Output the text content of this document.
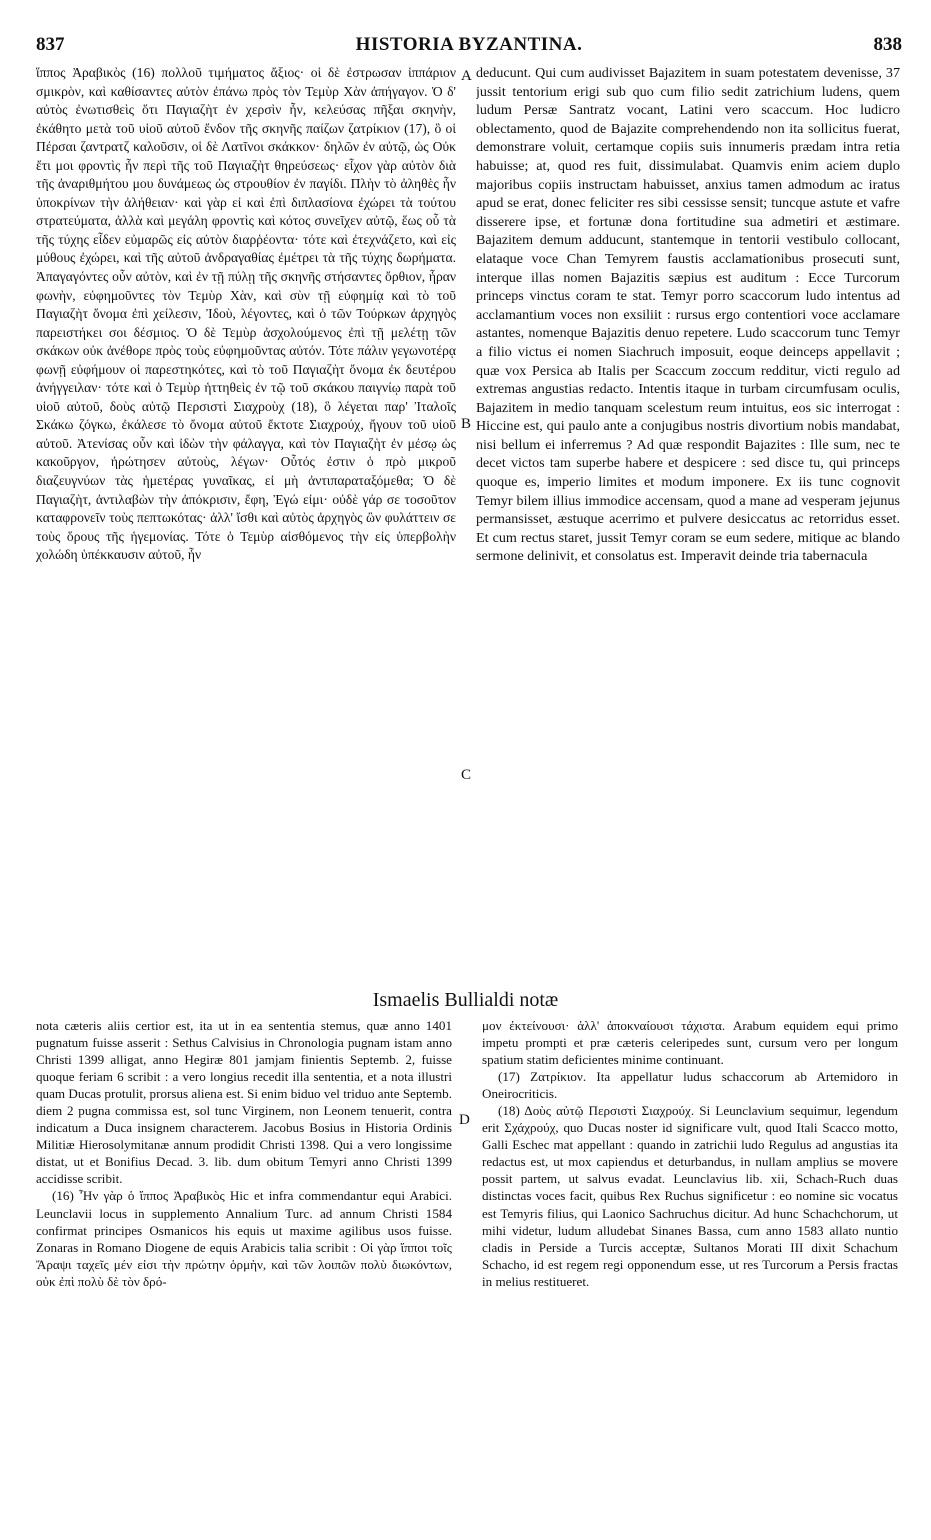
837	HISTORIA BYZANTINA.	838

ἵππος Ἀραβικὸς (16) πολλοῦ τιμήματος ἄξιος· οἱ δὲ ἐστρωσαν ἱππάριον σμικρὸν, καὶ καθίσαντες αὐτὸν ἐπάνω πρὸς τὸν Τεμὺρ Χὰν ἀπήγαγον. Ὁ δ' αὐτὸς ἐνωτισθεὶς ὅτι Παγιαζὴτ ἐν χερσὶν ἦν, κελεύσας πῆξαι σκηνὴν, ἐκάθητο μετὰ τοῦ υἱοῦ αὐτοῦ ἔνδον τῆς σκηνῆς παίζων ζατρίκιον (17), ὃ οἱ Πέρσαι ζαντρατζ καλοῦσιν, οἱ δὲ Λατῖνοι σκάκκον· δηλῶν ἐν αὐτῷ, ὡς Οὐκ ἔτι μοι φροντὶς ἦν περὶ τῆς τοῦ Παγιαζὴτ θηρεύσεως· εἶχον γὰρ αὐτὸν διὰ τῆς ἀναριθμήτου μου δυνάμεως ὡς στρουθίον ἐν παγίδι. Πλὴν τὸ ἀληθὲς ἦν ὑποκρίνων τὴν ἀλήθειαν· καὶ γὰρ εἰ καὶ ἐπὶ διπλασίονα ἐχώρει τὰ τούτου στρατεύματα, ἀλλὰ καὶ μεγάλη φροντὶς καὶ κότος συνεῖχεν αὐτῷ, ἕως οὗ τὰ τῆς τύχης εἶδεν εὐμαρῶς εἰς αὐτὸν διαρῥέοντα· τότε καὶ ἐτεχνάζετο, καὶ εἰς μύθους ἐχώρει, καὶ τῆς αὐτοῦ ἀνδραγαθίας ἐμέτρει τὰ τῆς τύχης δωρήματα. Ἀπαγαγόντες οὖν αὐτὸν, καὶ ἐν τῇ πύλῃ τῆς σκηνῆς στήσαντες ὄρθιον, ἦραν φωνὴν, εὐφημοῦντες τὸν Τεμὺρ Χὰν, καὶ σὺν τῇ εὐφημίᾳ καὶ τὸ τοῦ Παγιαζὴτ ὄνομα ἐπὶ χείλεσιν, Ἰδοὺ, λέγοντες, καὶ ὁ τῶν Τούρκων ἀρχηγὸς παρειστήκει σοι δέσμιος. Ὁ δὲ Τεμὺρ ἀσχολούμενος ἐπὶ τῇ μελέτῃ τῶν σκάκων οὐκ ἀνέθορε πρὸς τοὺς εὐφημοῦντας αὐτόν. Τότε πάλιν γεγωνοτέρᾳ φωνῇ εὐφήμουν οἱ παρεστηκότες, καὶ τὸ τοῦ Παγιαζὴτ ὄνομα ἐκ δευτέρου ἀνήγγειλαν· τότε καὶ ὁ Τεμὺρ ἡττηθεὶς ἐν τῷ τοῦ σκάκου παιγνίῳ παρὰ τοῦ υἱοῦ αὐτοῦ, δοὺς αὐτῷ Περσιστὶ Σιαχροὺχ (18), ὃ λέγεται παρ' Ἰταλοῖς Σκάκω ζόγκω, ἐκάλεσε τὸ ὄνομα αὐτοῦ ἔκτοτε Σιαχρούχ, ἤγουν τοῦ υἱοῦ αὐτοῦ. Ἀτενίσας οὖν καὶ ἰδὼν τὴν φάλαγγα, καὶ τὸν Παγιαζὴτ ἐν μέσῳ ὡς κακοῦργον, ἠρώτησεν αὐτοὺς, λέγων· Οὗτός ἐστιν ὁ πρὸ μικροῦ διαζευγνύων τὰς ἡμετέρας γυναῖκας, εἰ μὴ ἀντιπαραταξόμεθα; Ὁ δὲ Παγιαζὴτ, ἀντιλαβὼν τὴν ἀπόκρισιν, ἔφη, Ἐγώ εἰμι· οὐδὲ γάρ σε τοσοῦτον καταφρονεῖν τοὺς πεπτωκότας· ἀλλ' ἴσθι καὶ αὐτὸς ἀρχηγὸς ὢν φυλάττειν σε τοὺς ὅρους τῆς ἡγεμονίας. Τότε ὁ Τεμὺρ αἰσθόμενος τὴν εἰς ὑπερβολὴν χολώδη ὑπέκκαυσιν αὐτοῦ, ἦν

A
B
C

deducunt. Qui cum audivisset Bajazitem in suam potestatem devenisse, 37 jussit tentorium erigi sub quo cum filio sedit zatrichium ludens, quem ludum Persæ Santratz vocant, Latini vero scaccum. Hoc ludicro oblectamento, quod de Bajazite comprehendendo non ita sollicitus fuerat, demonstrare voluit, certamque copiis suis innumeris prædam intra retia habuisse; at, quod res fuit, dissimulabat. Quamvis enim aciem duplo majoribus copiis instructam habuisset, anxius tamen admodum ac iratus apud se erat, donec feliciter res sibi cessisse sensit; tuncque astute et vafre disserere ipse, et fortunæ dona fortitudine sua admetiri et æstimare. Bajazitem demum adducunt, stantemque in tentorii vestibulo collocant, elataque voce Chan Temyrem faustis acclamationibus prosecuti sunt, interque illas nomen Bajazitis sæpius est auditum : Ecce Turcorum princeps vinctus coram te stat. Temyr porro scaccorum ludo intentus ad acclamantium voces non exsiliit : rursus ergo contentiori voce acclamare astantes, nomenque Bajazitis denuo repetere. Ludo scaccorum tunc Temyr a filio victus ei nomen Siachruch imposuit, eoque deinceps appellavit ; quæ vox Persica ab Italis per Scaccum zoccum redditur, victi regulo ad extremas angustias redacto. Intentis itaque in turbam circumfusam oculis, Bajazitem in medio tanquam scelestum reum intuitus, eos sic interrogat : Hiccine est, qui paulo ante a conjugibus nostris divortium nobis mandabat, nisi bellum ei inferremus ? Ad quæ respondit Bajazites : Ille sum, nec te decet victos tam superbe habere et despicere : sed disce tu, qui princeps quoque es, imperio limites et modum imponere. Ex iis tunc cognovit Temyr bilem illius immodice accensam, quod a mane ad vesperam jejunus permansisset, æstuque acerrimo et pulvere desiccatus ac retorridus esset. Et cum rectus staret, jussit Temyr coram se eum sedere, mitique ac blando sermone delinivit, et consolatus est. Imperavit deinde tria tabernacula

Ismaelis Bullialdi notæ

nota cæteris aliis certior est, ita ut in ea sententia stemus, quæ anno 1401 pugnatum fuisse asserit : Sethus Calvisius in Chronologia pugnam istam anno Christi 1399 alligat, anno Hegiræ 801 jamjam finientis Septemb. 2, fuisse quoque feriam 6 scribit : a vero longius recedit illa sententia, et a nota illustri quam Ducas protulit, prorsus aliena est. Si enim biduo vel triduo ante Septemb. diem 2 pugna commissa est, sol tunc Virginem, non Leonem tenuerit, contra indicatum a Duca insignem characterem. Jacobus Bosius in Historia Ordinis Militiæ Hierosolymitanæ annum prodidit Christi 1398. Qui a vero longissime distat, ut et Bonifius Decad. 3. lib. dum obitum Temyri anno Christi 1399 accidisse scribit.

(16) Ἦν γὰρ ὁ ἵππος Ἀραβικὸς Hic et infra commendantur equi Arabici. Leunclavii locus in supplemento Annalium Turc. ad annum Christi 1584 confirmat principes Osmanicos his equis ut maxime agilibus usos fuisse. Zonaras in Romano Diogene de equis Arabicis talia scribit : Οἱ γὰρ ἵπποι τοῖς Ἄραψι ταχεῖς μέν εἰσι τὴν πρώτην ὁρμὴν, καὶ τῶν λοιπῶν πολὺ διωκόντων, οὐκ ἐπὶ πολὺ δὲ τὸν δρό-

D

μον ἐκτείνουσι· ἀλλ' ἀποκναίουσι τάχιστα. Arabum equidem equi primo impetu prompti et præ cæteris celeripedes sunt, cursum vero per longum spatium statim deficientes minime continuant.

(17) Ζατρίκιον. Ita appellatur ludus schaccorum ab Artemidoro in Oneirocriticis.

(18) Δοὺς αὐτῷ Περσιστὶ Σιαχρούχ. Si Leunclavium sequimur, legendum erit Σχάχρούχ, quo Ducas noster id significare vult, quod Itali Scacco motto, Galli Eschec mat appellant : quando in zatrichii ludo Regulus ad angustias ita redactus est, ut mox capiendus et deturbandus, in nullam amplius se movere possit partem, ut salvus evadat. Leunclavius lib. xii, Schach-Ruch duas distinctas voces facit, quibus Rex Ruchus significetur : eo nomine sic vocatus est Temyris filius, qui Laonico Sachruchus dicitur. Ad hunc Schachchorum, ut mihi videtur, ludum alludebat Sinanes Bassa, cum anno 1583 allato nuntio cladis in Perside a Turcis acceptæ, Sultanos Morati III dixit Schachum Schacho, id est regem regi opponendum esse, ut res Turcorum a Persis fractas in melius restitueret.
